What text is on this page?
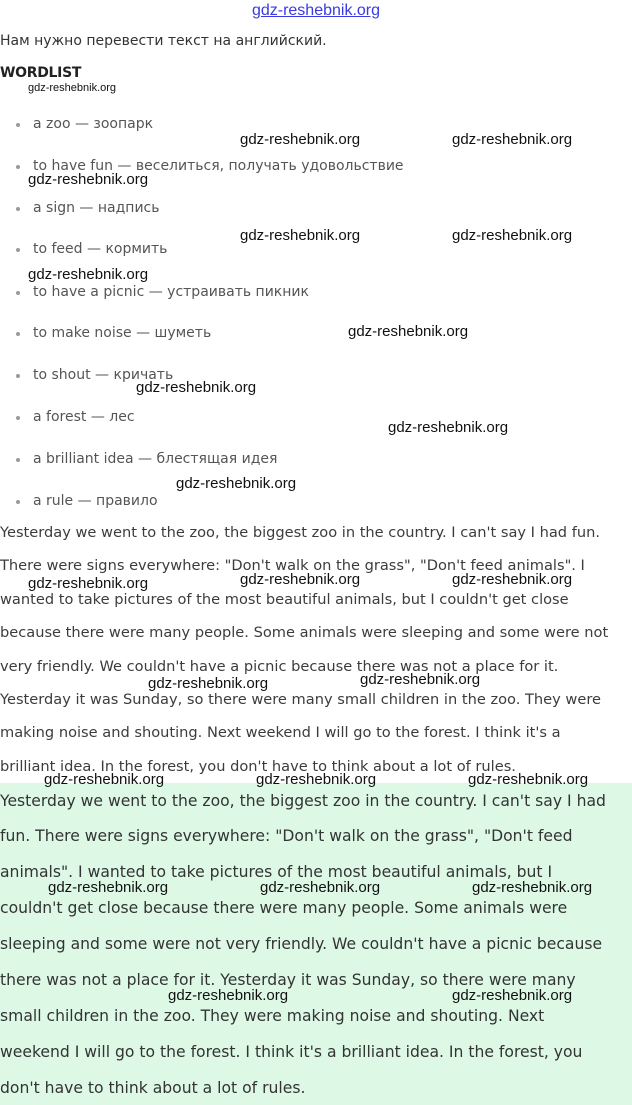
gdz-reshebnik.org
Нам нужно перевести текст на английский.
WORDLIST
a zoo — зоопарк
to have fun — веселиться, получать удовольствие
a sign — надпись
to feed — кормить
to have a picnic — устраивать пикник
to make noise — шуметь
to shout — кричать
a forest — лес
a brilliant idea — блестящая идея
a rule — правило

Yesterday we went to the zoo, the biggest zoo in the country. I can't say I had fun.

There were signs everywhere: "Don't walk on the grass", "Don't feed animals". I

wanted to take pictures of the most beautiful animals, but I couldn't get close

because there were many people. Some animals were sleeping and some were not

very friendly. We couldn't have a picnic because there was not a place for it.

Yesterday it was Sunday, so there were many small children in the zoo. They were

making noise and shouting. Next weekend I will go to the forest. I think it's a

brilliant idea. In the forest, you don't have to think about a lot of rules.

Yesterday we went to the zoo, the biggest zoo in the country. I can't say I had

fun. There were signs everywhere: "Don't walk on the grass", "Don't feed

animals". I wanted to take pictures of the most beautiful animals, but I

couldn't get close because there were many people. Some animals were

sleeping and some were not very friendly. We couldn't have a picnic because

there was not a place for it. Yesterday it was Sunday, so there were many

small children in the zoo. They were making noise and shouting. Next

weekend I will go to the forest. I think it's a brilliant idea. In the forest, you

don't have to think about a lot of rules.

gdz-reshebnik.org
gdz-reshebnik.org	gdz-reshebnik.org
gdz-reshebnik.org
gdz-reshebnik.org	gdz-reshebnik.org
gdz-reshebnik.org
gdz-reshebnik.org
gdz-reshebnik.org
gdz-reshebnik.org
gdz-reshebnik.org
gdz-reshebnik.org	gdz-reshebnik.org	gdz-reshebnik.org
gdz-reshebnik.org	gdz-reshebnik.org
gdz-reshebnik.org	gdz-reshebnik.org	gdz-reshebnik.org
gdz-reshebnik.org	gdz-reshebnik.org	gdz-reshebnik.org
gdz-reshebnik.org	gdz-reshebnik.org
